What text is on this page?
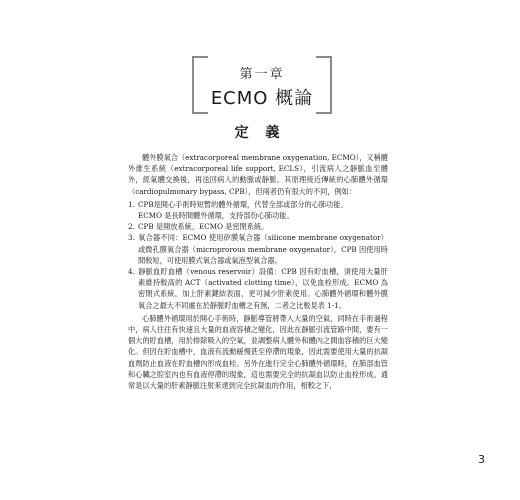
第一章
ECMO 概論
定 義

體外膜氧合（extracorporeal membrane oxygenation, ECMO），又稱體外維生系統（extracorporeal life support, ECLS），引流病人之靜脈血至體外，經氣體交換後，再送回病人的動脈或靜脈。其原理接近傳統的心肺體外循環（cardiopulmonary bypass, CPB），但兩者仍有很大的不同，例如：

1. CPB是開心手術時短暫的體外循環，代替全部或部分的心肺功能。
ECMO 是長時間體外循環，支持部份心肺功能。
2. CPB 是開放系統，ECMO 是密閉系統。
3. 氧合器不同：ECMO 使用矽膜氧合器（silicone membrane oxygenator）或微孔膜氧合器（microprorous membrane oxygenator），CPB 因使用時間較短，可使用膜式氧合器或氣泡型氧合器。
4. 靜脈血貯血槽（venous reservoir）設備：CPB 因有貯血槽，須使用大量肝素維持較高的 ACT（activated clotting time），以免血栓形成。ECMO 為密閉式系統，加上肝素鍵結表面，更可減少肝素使用。心肺體外循環和體外膜氧合之最大不同處在於靜脈貯血槽之有無，二者之比較見表 1-1。

心肺體外循環用於開心手術時，靜脈導管將帶入大量的空氣，同時在手術過程中，病人往往有快速且大量的血液容積之變化，因此在靜脈引流管路中間，要有一個大的貯血槽，用於排除吸入的空氣，並調整病人體外和體內之間血容積的巨大變化。但因在貯血槽中，血液有流動緩慢甚至停滯的現象，因此需要使用大量的抗凝血劑防止血液在貯血槽內形成血栓。另外在進行完全心肺體外循環時，在肺部血管和心臟之腔室內也有血液停滯的現象，這也需要完全的抗凝血以防止血栓形成。通常是以大量的肝素靜脈注射來達到完全抗凝血的作用，相較之下，

3
